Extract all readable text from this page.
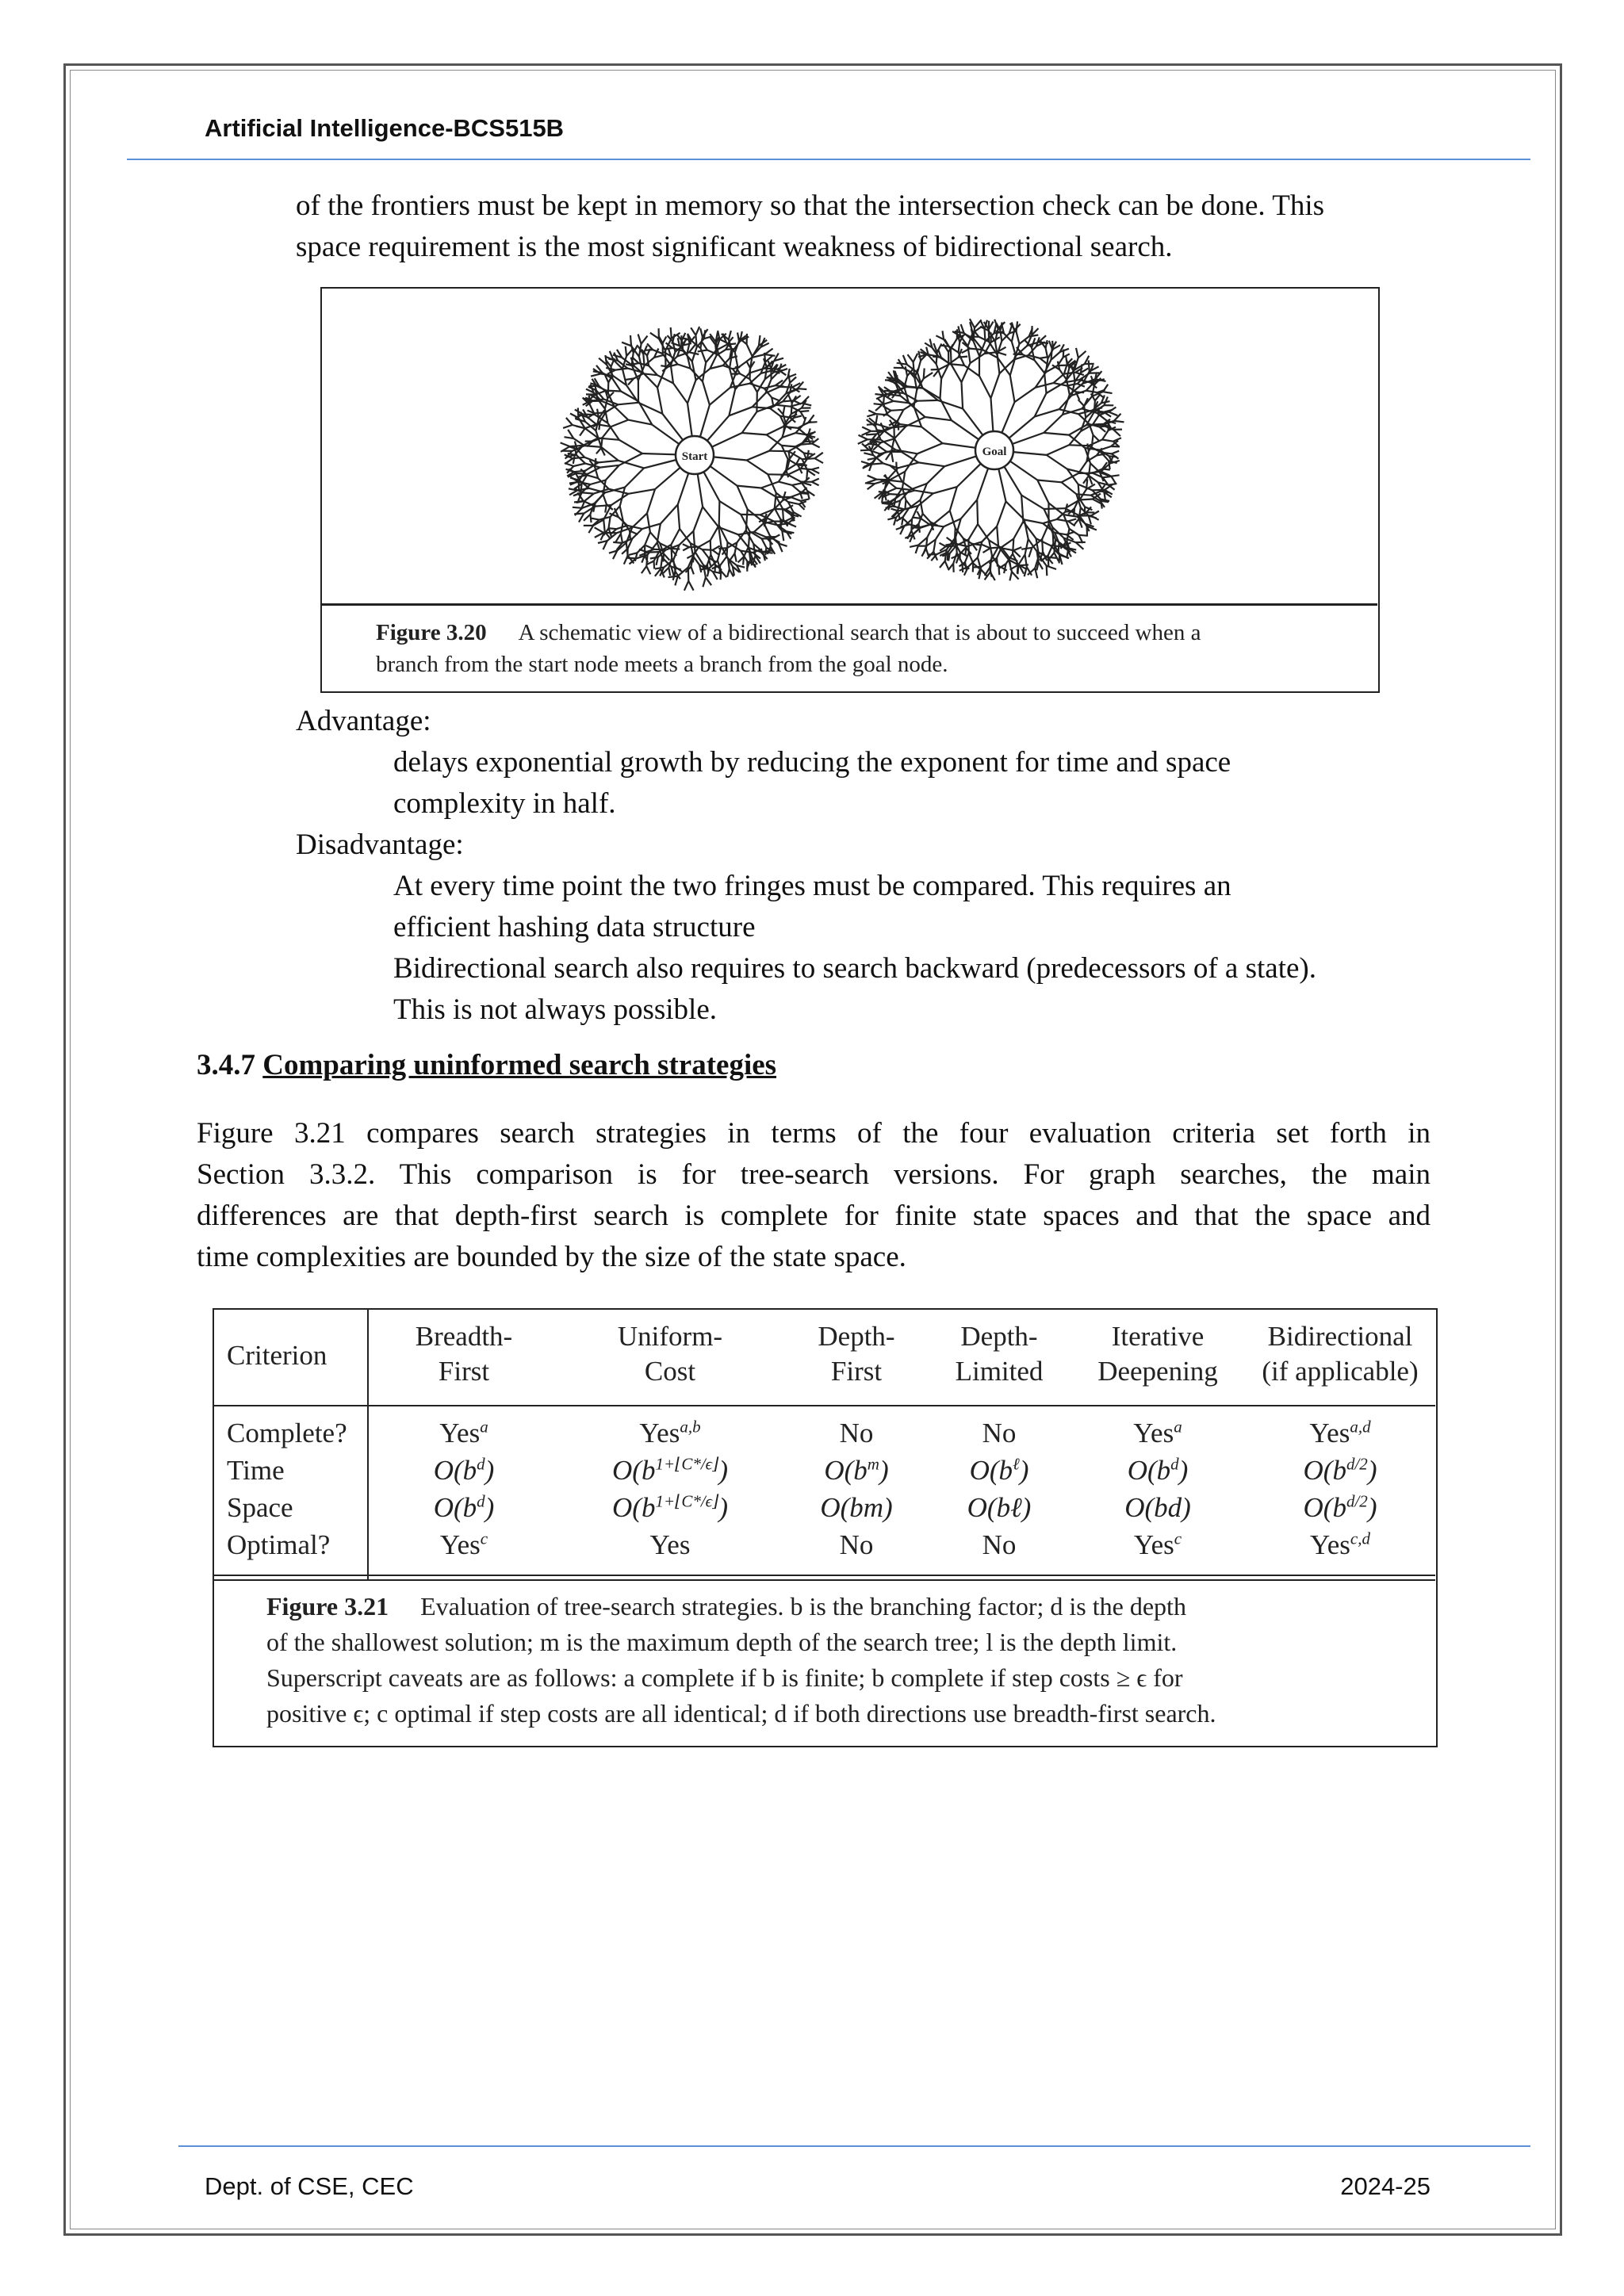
Artificial Intelligence-BCS515B
of the frontiers must be kept in memory so that the intersection check can be done. This
space requirement is the most significant weakness of bidirectional search.
Start	Goal
Figure 3.20 A schematic view of a bidirectional search that is about to succeed when a
branch from the start node meets a branch from the goal node.
Advantage:
delays exponential growth by reducing the exponent for time and space
complexity in half.
Disadvantage:
At every time point the two fringes must be compared. This requires an
efficient hashing data structure
Bidirectional search also requires to search backward (predecessors of a state).
This is not always possible.
3.4.7 Comparing uninformed search strategies
Figure 3.21 compares search strategies in terms of the four evaluation criteria set forth in
Section 3.3.2. This comparison is for tree-search versions. For graph searches, the main
differences are that depth-first search is complete for finite state spaces and that the space and
time complexities are bounded by the size of the state space.
Criterion
Breadth-
First
Uniform-
Cost
Depth-
First
Depth-
Limited
Iterative
Deepening
Bidirectional
(if applicable)
Complete?
Time
Space
Optimal?
Yes$^a$
$O(b^d)$
$O(b^d)$
Yes$^c$
Yes$^{a,b}$
$O(b^{1+⌊C*/\epsilon⌋})$
$O(b^{1+⌊C*/\epsilon⌋})$
Yes
No
$O(b^m)$
O(bm)
No
No
$O(b^\ell)$
O(bℓ)
No
Yes$^a$
$O(b^d)$
O(bd)
Yes$^c$
Yes$^{a,d}$
$O(b^{d/2})$
$O(b^{d/2})$
Yes$^{c,d}$
Figure 3.21 Evaluation of tree-search strategies. b is the branching factor; d is the depth
of the shallowest solution; m is the maximum depth of the search tree; l is the depth limit.
Superscript caveats are as follows: a complete if b is finite; b complete if step costs ≥ ϵ for
positive ϵ; c optimal if step costs are all identical; d if both directions use breadth-first search.
Dept. of CSE, CEC	2024-25
